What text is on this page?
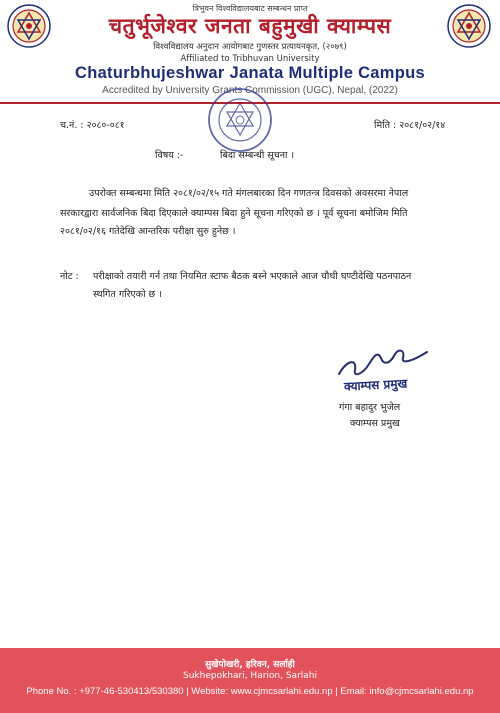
त्रिभुवन विश्वविद्यालयबाट सम्बन्धन प्राप्त
चतुर्भूजेश्वर जनता बहुमुखी क्याम्पस
विश्वविद्यालय अनुदान आयोगबाट गुणस्तर प्रत्यायनकृत, (२०७९)
Affiliated to Tribhuvan University
Chaturbhujeshwar Janata Multiple Campus
Accredited by University Grants Commission (UGC), Nepal, (2022)
च.नं. : २०८०-०८१	मिति : २०८१/०२/१४
विषय :-	बिदा सम्बन्धी सूचना ।
उपरोक्त सम्बन्धमा मिति २०८१/०२/१५ गते मंगलबारका दिन गणतन्त्र दिवसको अवसरमा नेपाल
सरकारद्वारा सार्वजनिक बिदा दिएकाले क्याम्पस बिदा हुने सूचना गरिएको छ । पूर्व सूचना बमोजिम मिति
२०८१/०२/१६ गतेदेखि आन्तरिक परीक्षा सुरु हुनेछ ।
नोट : परीक्षाको तयारी गर्न तथा नियमित स्टाफ बैठक बस्ने भएकाले आज चौथी घण्टीदेखि पठनपाठन
स्थगित गरिएको छ ।
क्याम्पस प्रमुख
गंगा बहादुर भुजेल
क्याम्पस प्रमुख
सुखेपोखरी, हरिवन, सर्लाही
Sukhepokhari, Harion, Sarlahi
Phone No. : +977-46-530413/530380 | Website: www.cjmcsarlahi.edu.np | Email: info@cjmcsarlahi.edu.np
